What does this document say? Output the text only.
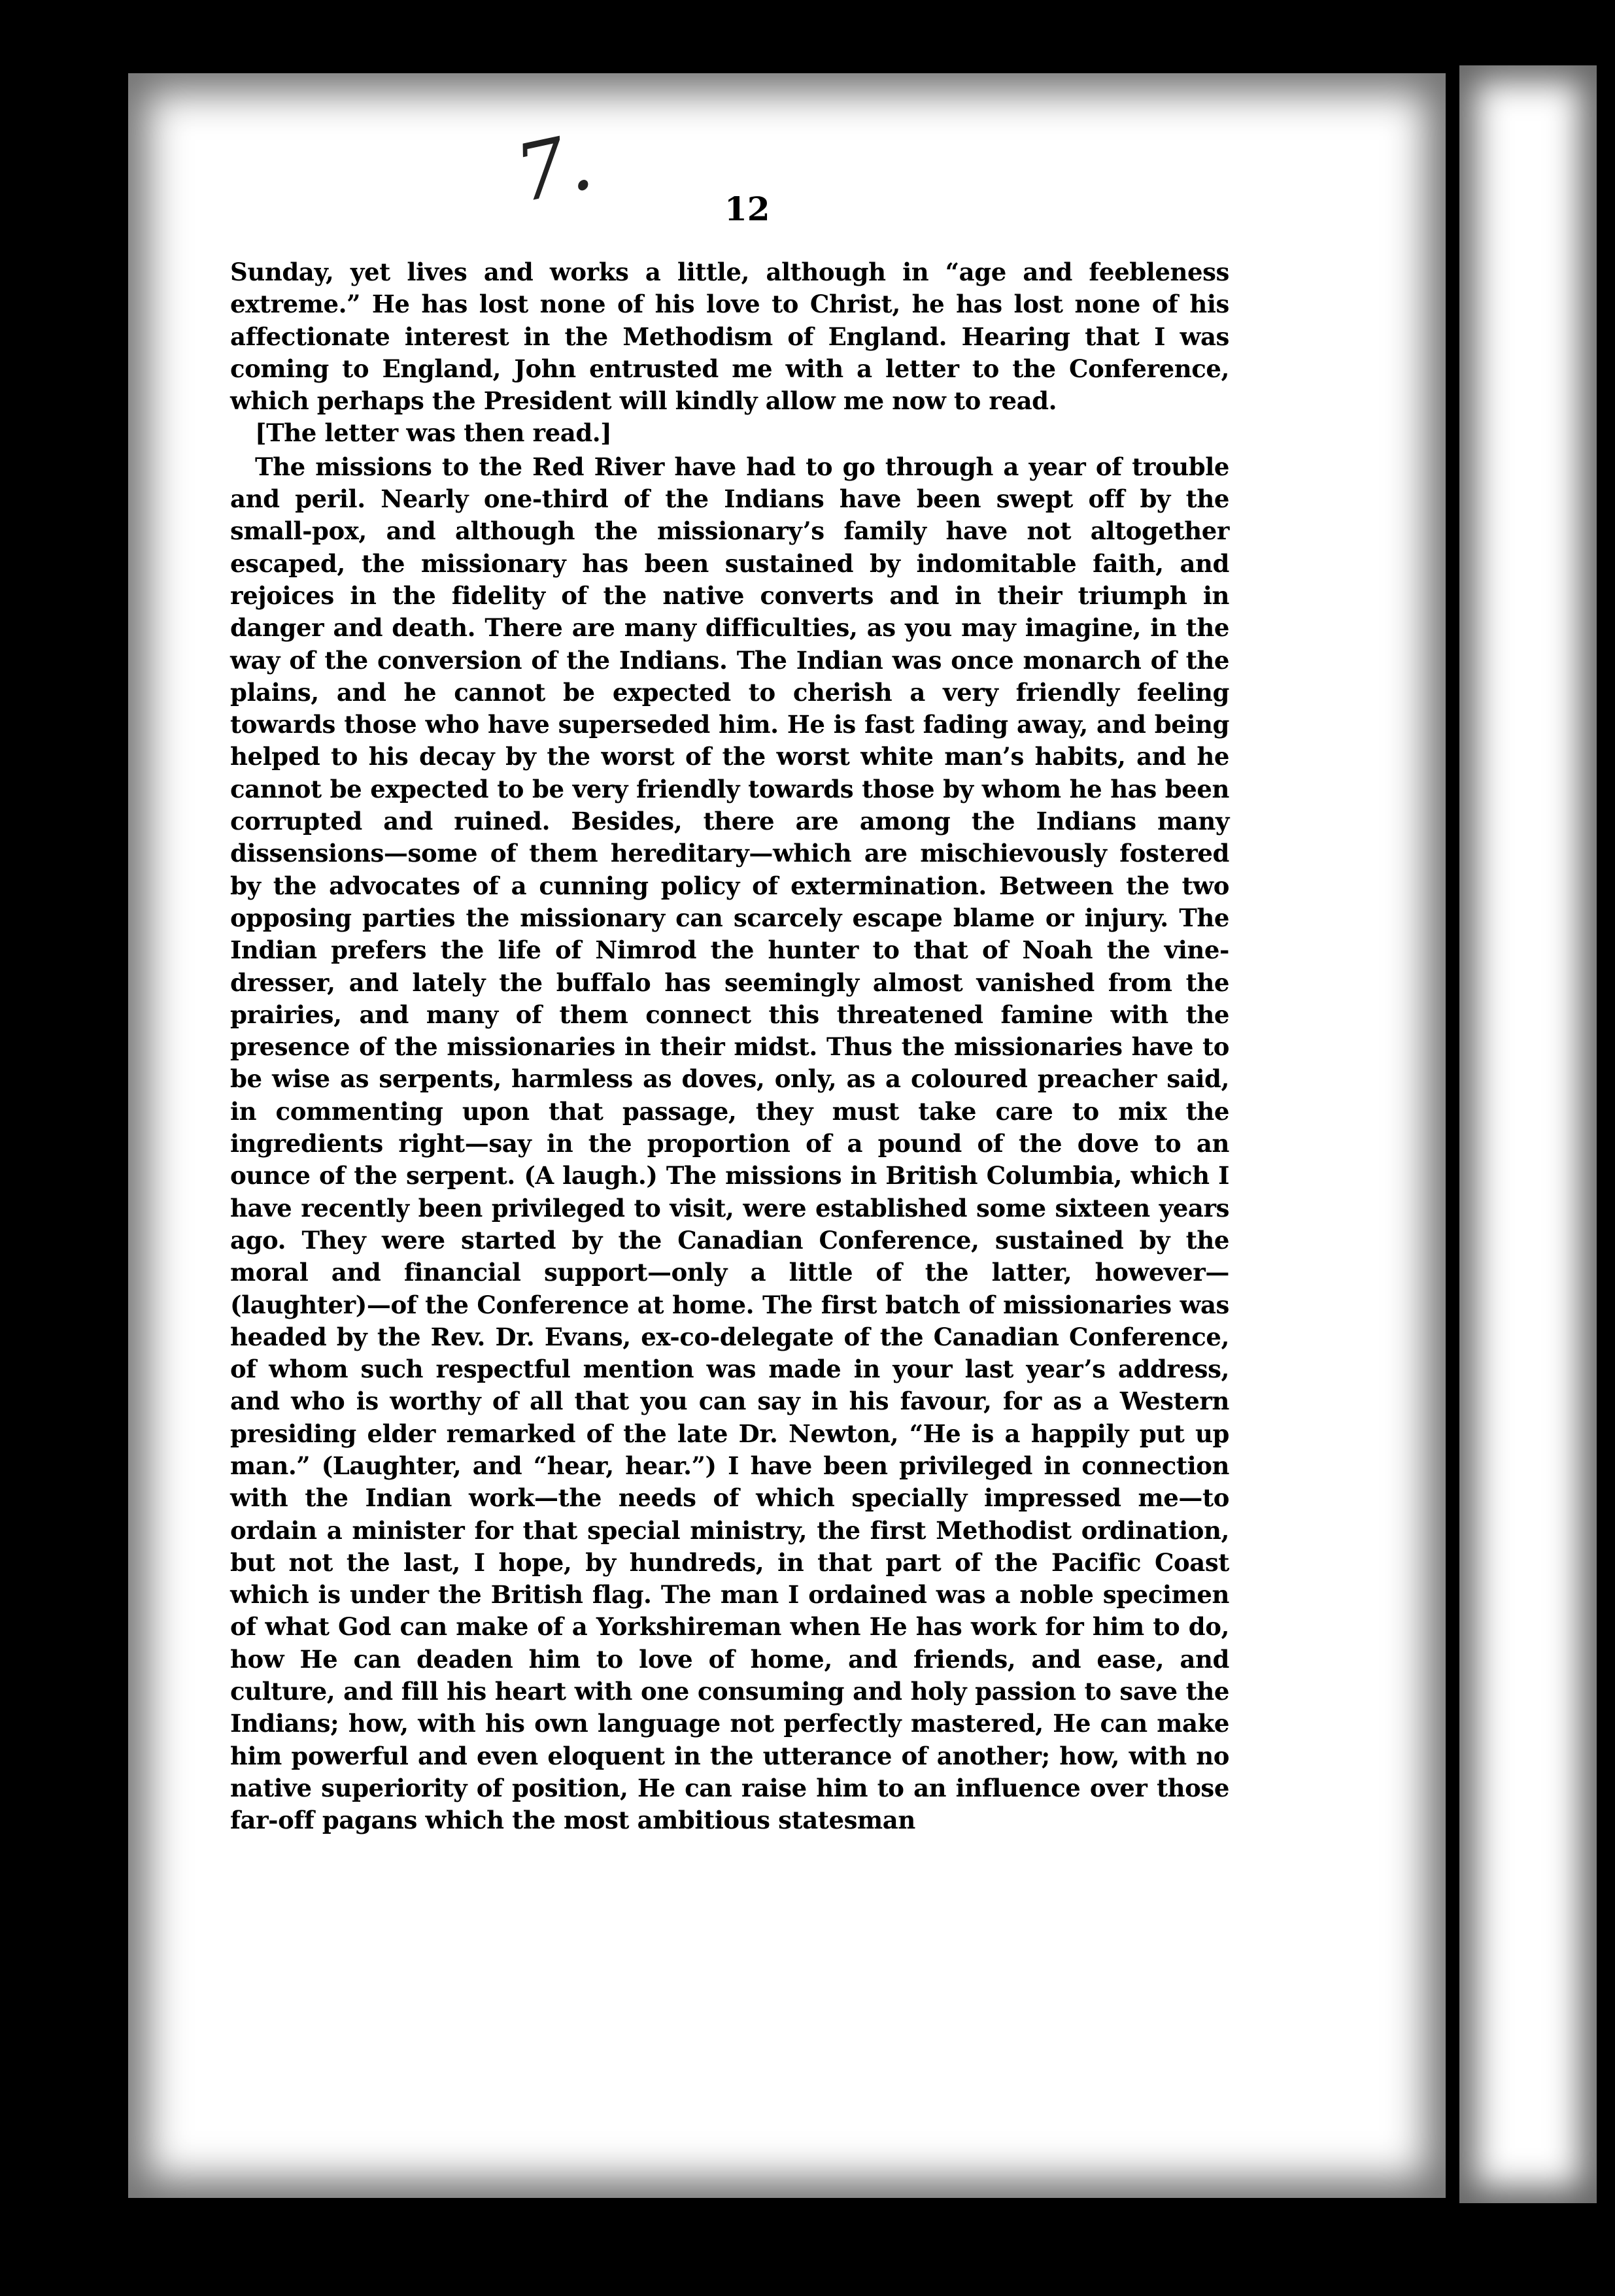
7.	12

Sunday, yet lives and works a little, although in “age and feebleness extreme.” He has lost none of his love to Christ, he has lost none of his affectionate interest in the Methodism of England. Hearing that I was coming to England, John entrusted me with a letter to the Conference, which perhaps the President will kindly allow me now to read.

[The letter was then read.]

The missions to the Red River have had to go through a year of trouble and peril. Nearly one-third of the Indians have been swept off by the small-pox, and although the missionary’s family have not altogether escaped, the missionary has been sustained by indomitable faith, and rejoices in the fidelity of the native converts and in their triumph in danger and death. There are many difficulties, as you may imagine, in the way of the conversion of the Indians. The Indian was once monarch of the plains, and he cannot be expected to cherish a very friendly feeling towards those who have superseded him. He is fast fading away, and being helped to his decay by the worst of the worst white man’s habits, and he cannot be expected to be very friendly towards those by whom he has been corrupted and ruined. Besides, there are among the Indians many dissensions—some of them hereditary—which are mischievously fostered by the advocates of a cunning policy of extermination. Between the two opposing parties the missionary can scarcely escape blame or injury. The Indian prefers the life of Nimrod the hunter to that of Noah the vine-dresser, and lately the buffalo has seemingly almost vanished from the prairies, and many of them connect this threatened famine with the presence of the missionaries in their midst. Thus the missionaries have to be wise as serpents, harmless as doves, only, as a coloured preacher said, in commenting upon that passage, they must take care to mix the ingredients right—say in the proportion of a pound of the dove to an ounce of the serpent. (A laugh.) The missions in British Columbia, which I have recently been privileged to visit, were established some sixteen years ago. They were started by the Canadian Conference, sustained by the moral and financial support—only a little of the latter, however—(laughter)—of the Conference at home. The first batch of missionaries was headed by the Rev. Dr. Evans, ex-co-delegate of the Canadian Conference, of whom such respectful mention was made in your last year’s address, and who is worthy of all that you can say in his favour, for as a Western presiding elder remarked of the late Dr. Newton, “He is a happily put up man.” (Laughter, and “hear, hear.”) I have been privileged in connection with the Indian work—the needs of which specially impressed me—to ordain a minister for that special ministry, the first Methodist ordination, but not the last, I hope, by hundreds, in that part of the Pacific Coast which is under the British flag. The man I ordained was a noble specimen of what God can make of a Yorkshireman when He has work for him to do, how He can deaden him to love of home, and friends, and ease, and culture, and fill his heart with one consuming and holy passion to save the Indians; how, with his own language not perfectly mastered, He can make him powerful and even eloquent in the utterance of another; how, with no native superiority of position, He can raise him to an influence over those far-off pagans which the most ambitious statesman
